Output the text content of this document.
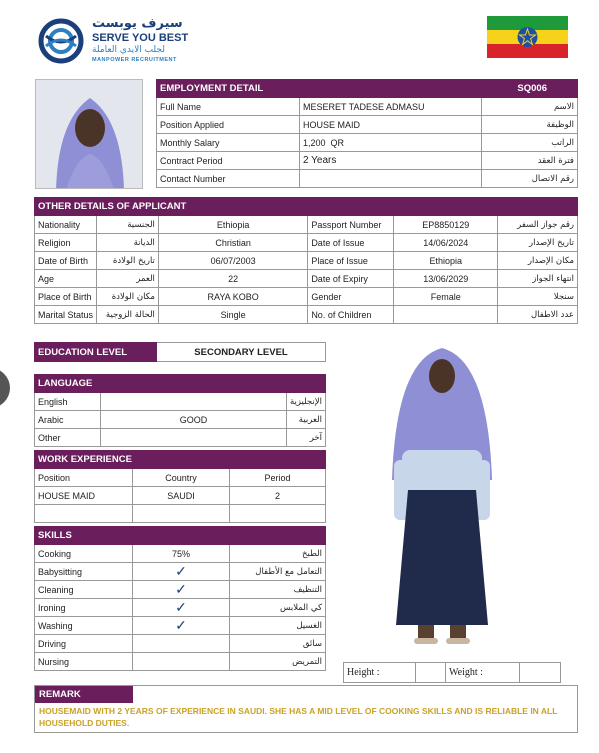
سيرف يوبست
SERVE YOU BEST
لجلب الايدي العاملة
MANPOWER RECRUITMENT
EMPLOYMENT DETAIL		SQ006
Full Name	MESERET TADESE ADMASU	الاسم
Position Applied	HOUSE MAID	الوظيفة
Monthly Salary	1,200  QR	الراتب
Contract Period	2 Years	فترة العقد
Contact Number		رقم الاتصال
OTHER DETAILS OF APPLICANT					
Nationality	الجنسية	Ethiopia	Passport Number	EP8850129	رقم جواز السفر
Religion	الديانة	Christian	Date of Issue	14/06/2024	تاريخ الإصدار
Date of Birth	تاريخ الولادة	06/07/2003	Place of Issue	Ethiopia	مكان الإصدار
Age	العمر	22	Date of Expiry	13/06/2029	انتهاء الجواز
Place of Birth	مكان الولادة	RAYA KOBO	Gender	Female	سنجلا
Marital Status	الحالة الزوجية	Single	No. of Children		عدد الاطفال
EDUCATION LEVEL	SECONDARY LEVEL
LANGUAGE		
English		الإنجليزية
Arabic	GOOD	العربية
Other		آخر
WORK EXPERIENCE		
Position	Country	Period
HOUSE MAID	SAUDI	2

SKILLS		
Cooking	75%	الطبخ
Babysitting	✓	التعامل مع الأطفال
Cleaning	✓	التنظيف
Ironing	✓	كي الملابس
Washing	✓	الغسيل
Driving		سائق
Nursing		التمريض
Height :		Weight :	
REMARK
HOUSEMAID WITH 2 YEARS OF EXPERIENCE IN SAUDI. SHE HAS A MID LEVEL OF COOKING SKILLS AND IS RELIABLE IN ALL HOUSEHOLD DUTIES.
